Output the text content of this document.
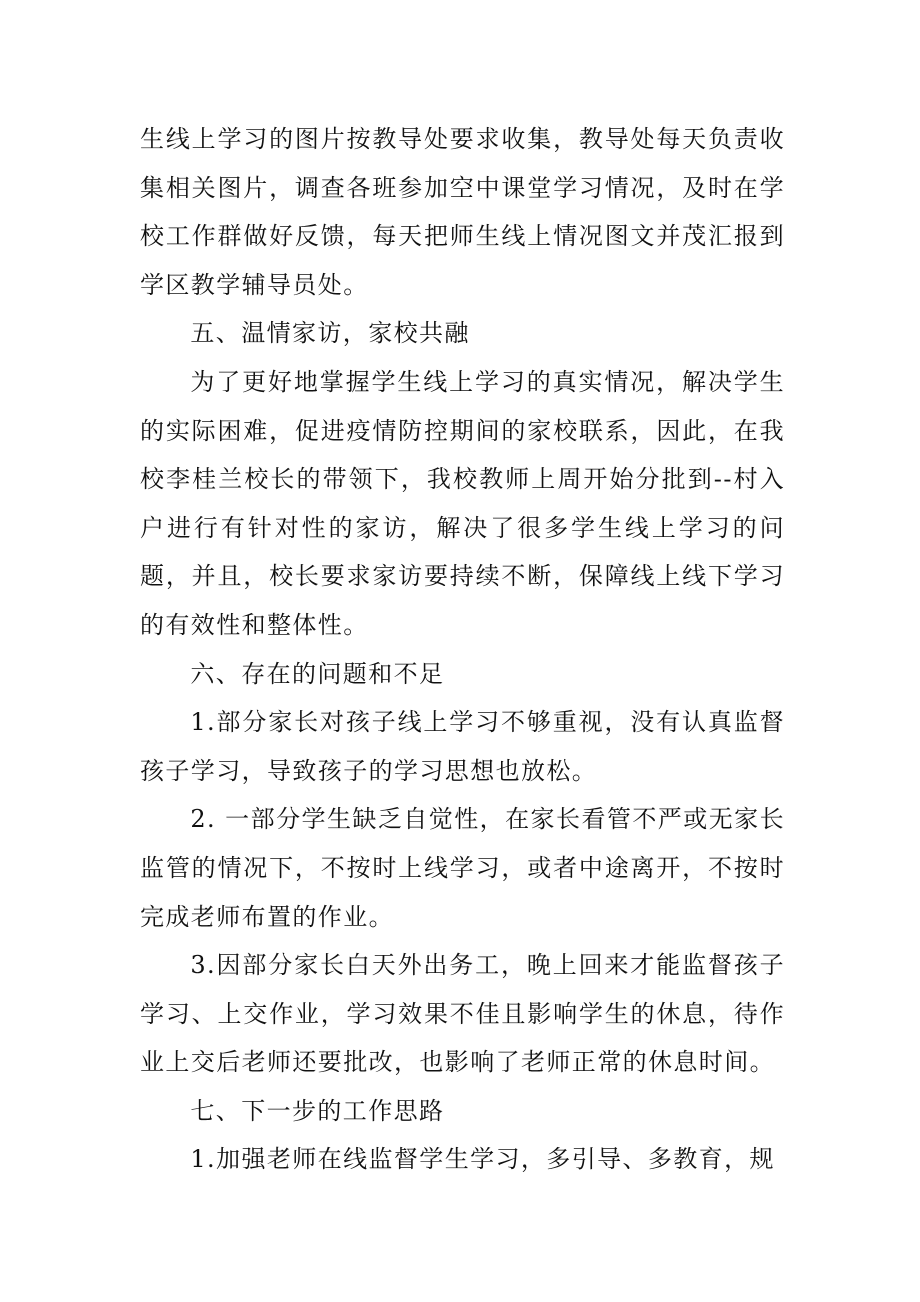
生线上学习的图片按教导处要求收集，教导处每天负责收集相关图片，调查各班参加空中课堂学习情况，及时在学校工作群做好反馈，每天把师生线上情况图文并茂汇报到学区教学辅导员处。

五、温情家访，家校共融

为了更好地掌握学生线上学习的真实情况，解决学生的实际困难，促进疫情防控期间的家校联系，因此，在我校李桂兰校长的带领下，我校教师上周开始分批到--村入户进行有针对性的家访，解决了很多学生线上学习的问题，并且，校长要求家访要持续不断，保障线上线下学习的有效性和整体性。

六、存在的问题和不足

1.部分家长对孩子线上学习不够重视，没有认真监督孩子学习，导致孩子的学习思想也放松。

2. 一部分学生缺乏自觉性，在家长看管不严或无家长监管的情况下，不按时上线学习，或者中途离开，不按时完成老师布置的作业。

3.因部分家长白天外出务工，晚上回来才能监督孩子学习、上交作业，学习效果不佳且影响学生的休息，待作业上交后老师还要批改，也影响了老师正常的休息时间。

七、下一步的工作思路

1.加强老师在线监督学生学习，多引导、多教育，规
